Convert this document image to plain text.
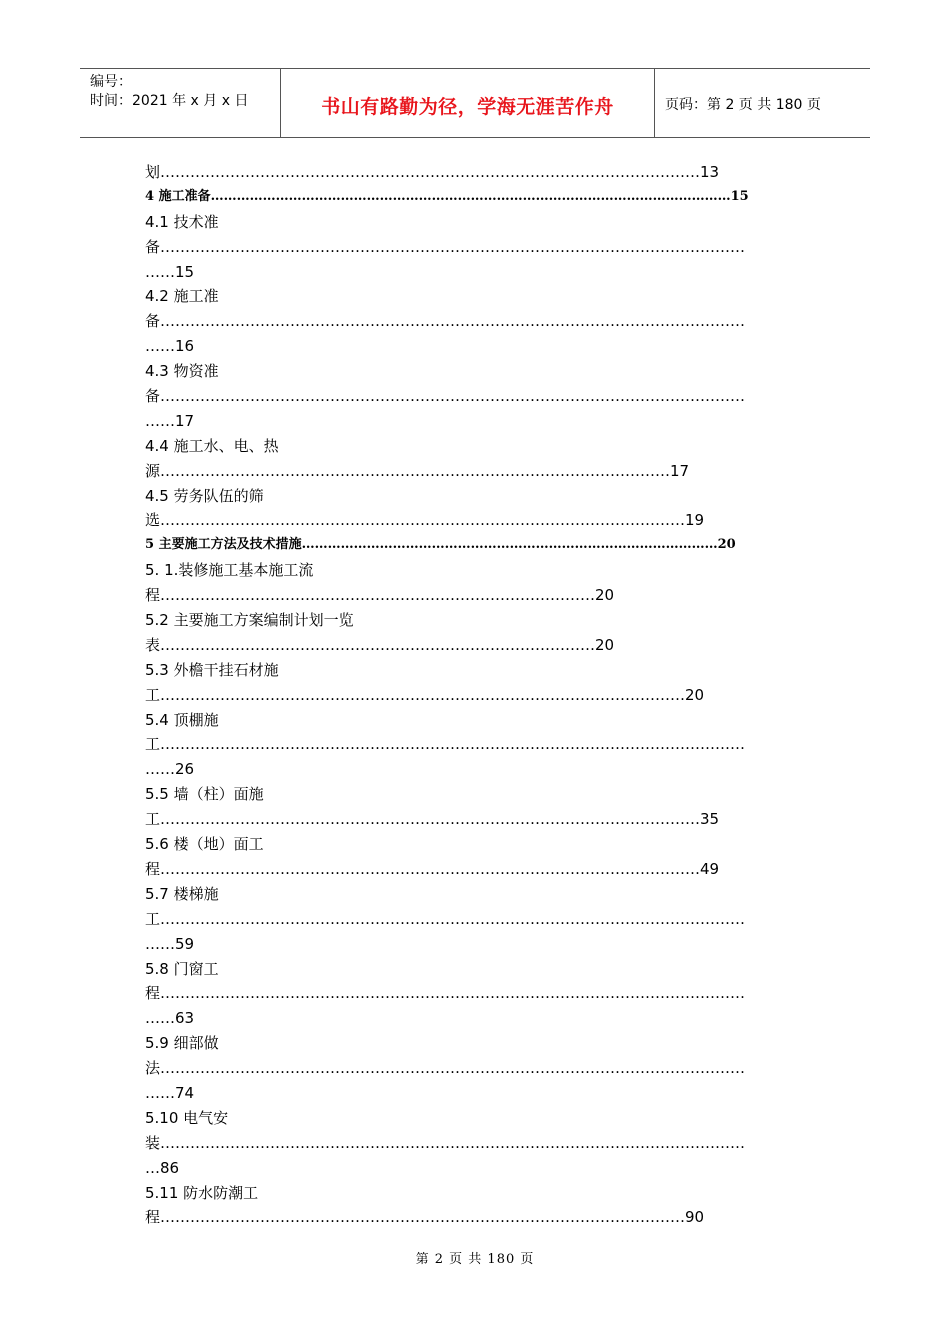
编号：
时间：2021 年 x 月 x 日	书山有路勤为径，学海无涯苦作舟	页码：第 2 页 共 180 页
划………………………………………………………………………………………………13
4 施工准备…………………………………………………………………………………………………………15
4.1 技术准
备………………………………………………………………………………………………………
……15
4.2 施工准
备………………………………………………………………………………………………………
……16
4.3 物资准
备………………………………………………………………………………………………………
……17
4.4 施工水、电、热
源…………………………………………………………………………………………17
4.5 劳务队伍的筛
选……………………………………………………………………………………………19
5 主要施工方法及技术措施……………………………………………………………………………………20
5. 1.装修施工基本施工流
程……………………………………………………………………………20
5.2 主要施工方案编制计划一览
表……………………………………………………………………………20
5.3 外檐干挂石材施
工……………………………………………………………………………………………20
5.4 顶棚施
工………………………………………………………………………………………………………
……26
5.5 墙（柱）面施
工………………………………………………………………………………………………35
5.6 楼（地）面工
程………………………………………………………………………………………………49
5.7 楼梯施
工………………………………………………………………………………………………………
……59
5.8 门窗工
程………………………………………………………………………………………………………
……63
5.9 细部做
法………………………………………………………………………………………………………
……74
5.10 电气安
装………………………………………………………………………………………………………
…86
5.11 防水防潮工
程……………………………………………………………………………………………90
第 2 页 共 180 页
